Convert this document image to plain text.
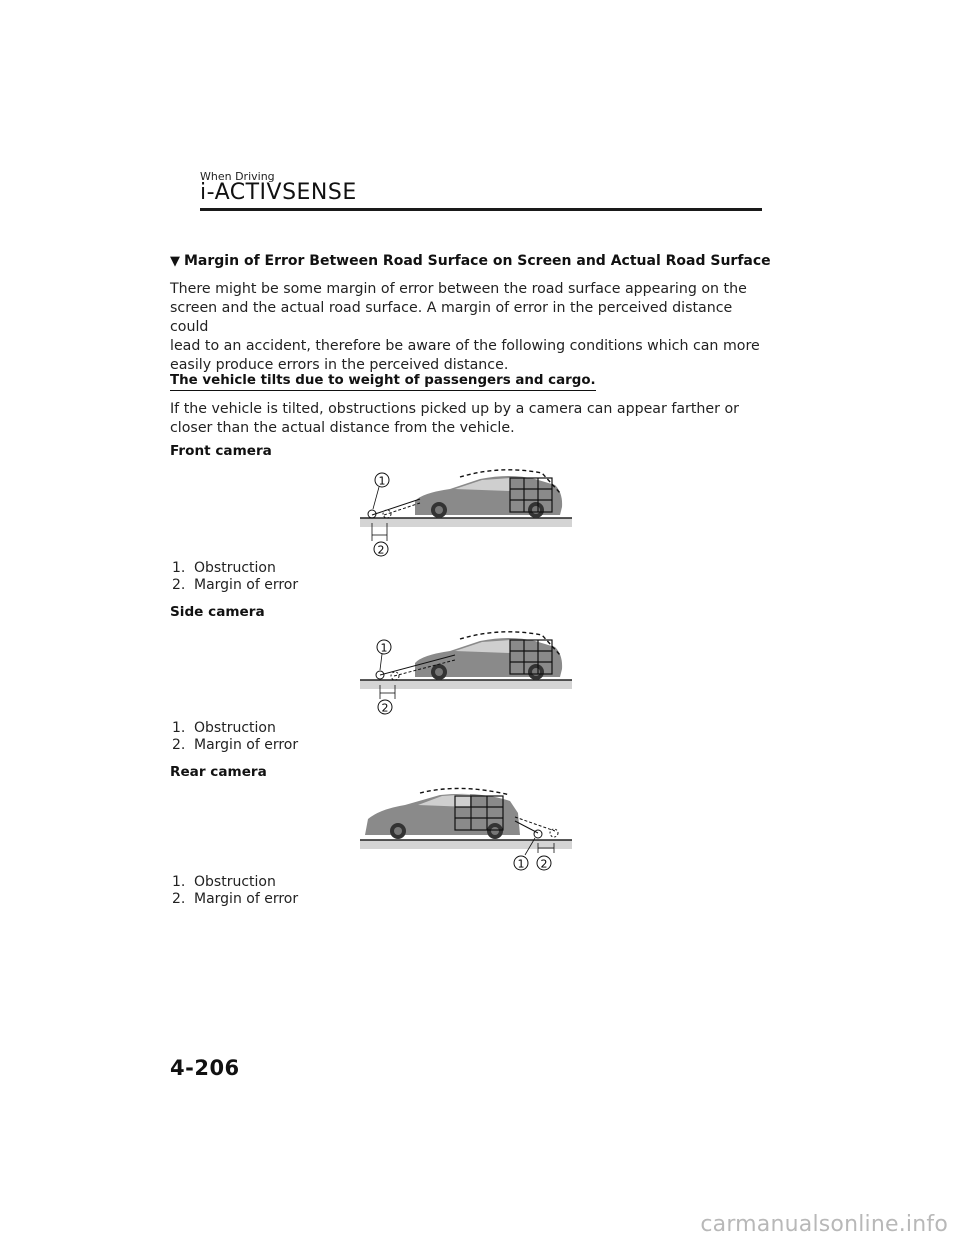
When Driving
i-ACTIVSENSE
▼ Margin of Error Between Road Surface on Screen and Actual Road Surface
There might be some margin of error between the road surface appearing on the
screen and the actual road surface. A margin of error in the perceived distance could
lead to an accident, therefore be aware of the following conditions which can more
easily produce errors in the perceived distance.
The vehicle tilts due to weight of passengers and cargo.
If the vehicle is tilted, obstructions picked up by a camera can appear farther or
closer than the actual distance from the vehicle.
Front camera
1
2
1. Obstruction
2. Margin of error
Side camera
1
2
1. Obstruction
2. Margin of error
Rear camera
1 2
1. Obstruction
2. Margin of error
4-206
carmanualsonline.info
